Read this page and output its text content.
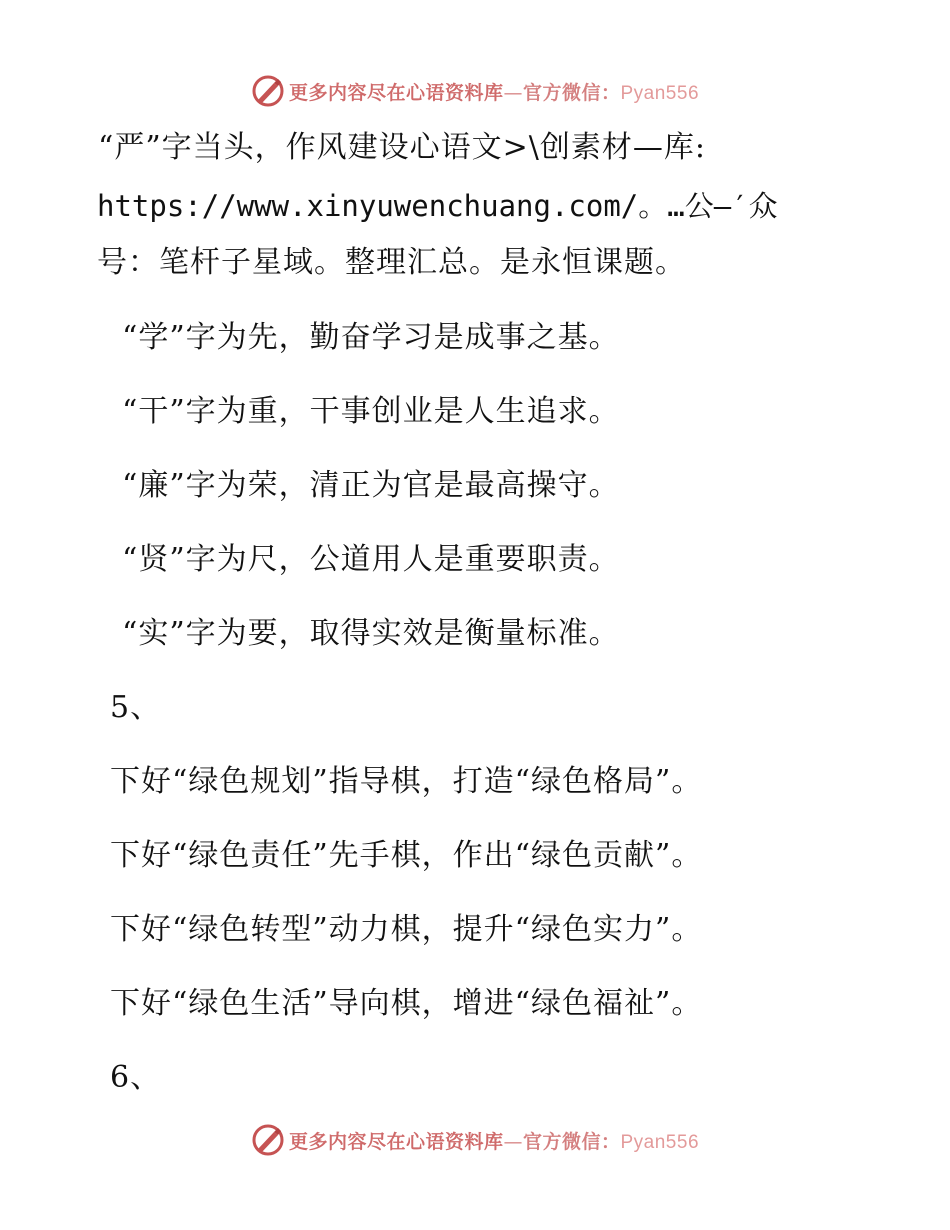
更多内容尽在心语资料库—官方微信：Pyan556
“严”字当头，作风建设心语文>\创素材—库:
https://www.xinyuwenchuang.com/。…公—′众
号：笔杆子星域。整理汇总。是永恒课题。
“学”字为先，勤奋学习是成事之基。
“干”字为重，干事创业是人生追求。
“廉”字为荣，清正为官是最高操守。
“贤”字为尺，公道用人是重要职责。
“实”字为要，取得实效是衡量标准。
5、
下好“绿色规划”指导棋，打造“绿色格局”。
下好“绿色责任”先手棋，作出“绿色贡献”。
下好“绿色转型”动力棋，提升“绿色实力”。
下好“绿色生活”导向棋，增进“绿色福祉”。
6、
更多内容尽在心语资料库—官方微信：Pyan556
